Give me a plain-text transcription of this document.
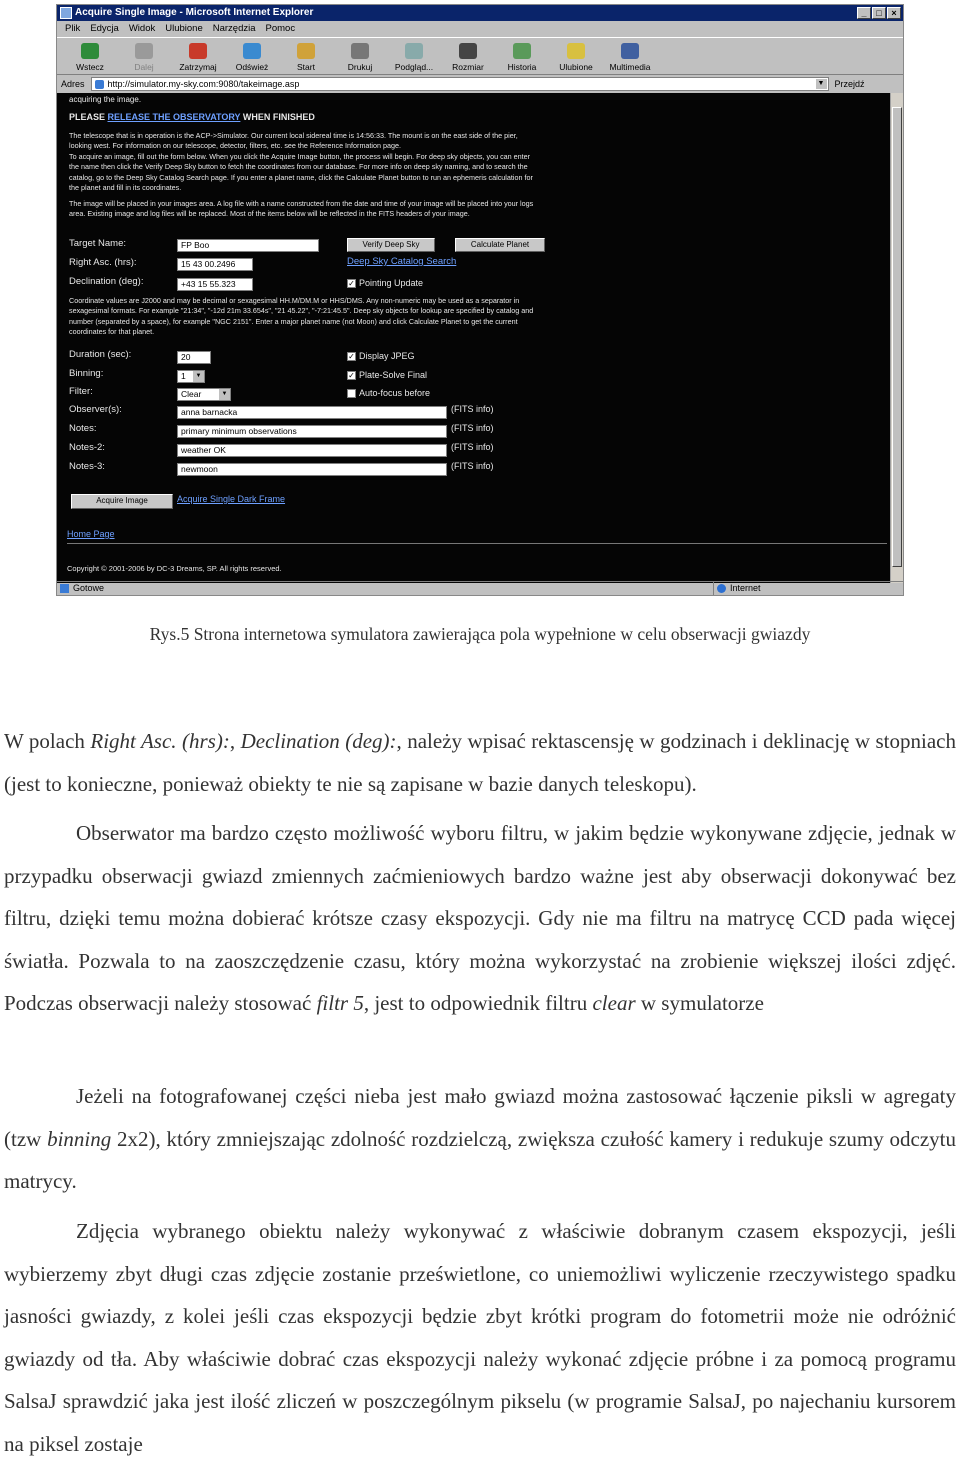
Acquire Single Image - Microsoft Internet Explorer	_	□	×
Plik Edycja Widok Ulubione Narzędzia Pomoc
Wstecz	Dalej	Zatrzymaj Odśwież	Start	Drukuj	Podgląd... Rozmiar	Historia	Ulubione Multimedia
Adres	http://simulator.my-sky.com:9080/takeimage.asp	▼ Przejdź
acquiring the image.
PLEASE RELEASE THE OBSERVATORY WHEN FINISHED
The telescope that is in operation is the ACP->Simulator. Our current local sidereal time is 14:56:33. The mount is on the east side of the pier, looking west. For information on our telescope, detector, filters, etc. see the Reference Information page.
To acquire an image, fill out the form below. When you click the Acquire Image button, the process will begin. For deep sky objects, you can enter the name then click the Verify Deep Sky button to fetch the coordinates from our database. For more info on deep sky naming, and to search the catalog, go to the Deep Sky Catalog Search page. If you enter a planet name, click the Calculate Planet button to run an ephemeris calculation for the planet and fill in its coordinates.
The image will be placed in your images area. A log file with a name constructed from the date and time of your image will be placed into your logs area. Existing image and log files will be replaced. Most of the items below will be reflected in the FITS headers of your image.
Target Name:	FP Boo	Verify Deep Sky	Calculate Planet
Right Asc. (hrs):	15 43 00.2496	Deep Sky Catalog Search
Declination (deg):	+43 15 55.323	✓ Pointing Update
Coordinate values are J2000 and may be decimal or sexagesimal HH.M/DM.M or HHS/DMS. Any non-numeric may be used as a separator in sexagesimal formats. For example "21:34", "-12d 21m 33.654s", "21 45.22", "-7:21:45.5". Deep sky objects for lookup are specified by catalog and number (separated by a space), for example "NGC 2151". Enter a major planet name (not Moon) and click Calculate Planet to get the current coordinates for that planet.
Duration (sec):	20	✓ Display JPEG
Binning:	1	▼	✓ Plate-Solve Final
Filter:	Clear	▼	Auto-focus before
Observer(s):	anna barnacka	(FITS info)
Notes:	primary minimum observations	(FITS info)
Notes-2:	weather OK	(FITS info)
Notes-3:	newmoon	(FITS info)
Acquire Image	Acquire Single Dark Frame
Home Page
Copyright © 2001-2006 by DC-3 Dreams, SP. All rights reserved.
Gotowe	Internet
Rys.5 Strona internetowa symulatora zawierająca pola wypełnione w celu obserwacji gwiazdy

W polach Right Asc. (hrs):, Declination (deg):, należy wpisać rektascensję w godzinach i deklinację w stopniach (jest to konieczne, ponieważ obiekty te nie są zapisane w bazie danych teleskopu).

Obserwator ma bardzo często możliwość wyboru filtru, w jakim będzie wykonywane zdjęcie, jednak w przypadku obserwacji gwiazd zmiennych zaćmieniowych bardzo ważne jest aby obserwacji dokonywać bez filtru, dzięki temu można dobierać krótsze czasy ekspozycji. Gdy nie ma filtru na matrycę CCD pada więcej światła. Pozwala to na zaoszczędzenie czasu, który można wykorzystać na zrobienie większej ilości zdjęć. Podczas obserwacji należy stosować filtr 5, jest to odpowiednik filtru clear w symulatorze

Jeżeli na fotografowanej części nieba jest mało gwiazd można zastosować łączenie piksli w agregaty (tzw binning 2x2), który zmniejszając zdolność rozdzielczą, zwiększa czułość kamery i redukuje szumy odczytu matrycy.

Zdjęcia wybranego obiektu należy wykonywać z właściwie dobranym czasem ekspozycji, jeśli wybierzemy zbyt długi czas zdjęcie zostanie prześwietlone, co uniemożliwi wyliczenie rzeczywistego spadku jasności gwiazdy, z kolei jeśli czas ekspozycji będzie zbyt krótki program do fotometrii może nie odróżnić gwiazdy od tła. Aby właściwie dobrać czas ekspozycji należy wykonać zdjęcie próbne i za pomocą programu SalsaJ sprawdzić jaka jest ilość zliczeń w poszczególnym pikselu (w programie SalsaJ, po najechaniu kursorem na piksel zostaje
